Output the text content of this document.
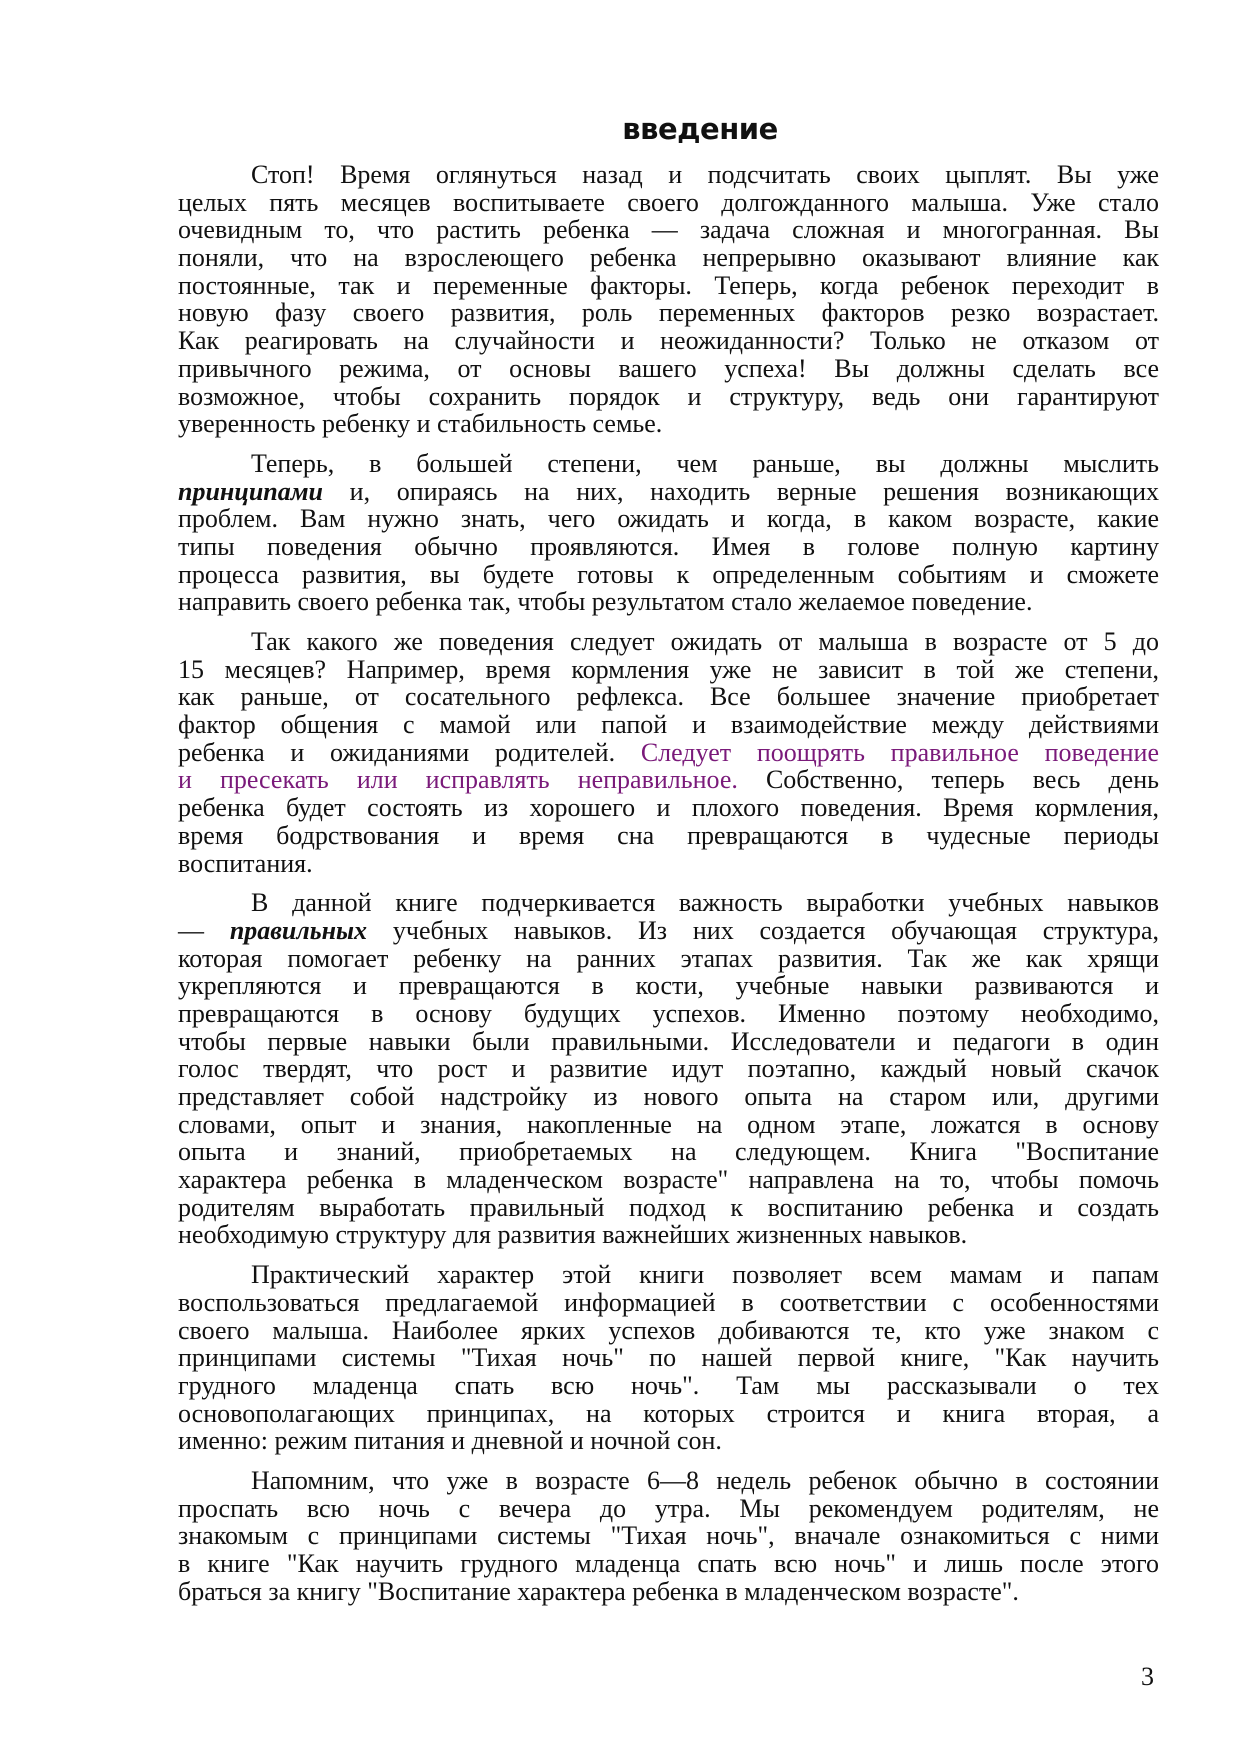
введение
Стоп! Время оглянуться назад и подсчитать своих цыплят. Вы уже
целых пять месяцев воспитываете своего долгожданного малыша. Уже стало
очевидным то, что растить ребенка — задача сложная и многогранная. Вы
поняли, что на взрослеющего ребенка непрерывно оказывают влияние как
постоянные, так и переменные факторы. Теперь, когда ребенок переходит в
новую фазу своего развития, роль переменных факторов резко возрастает.
Как реагировать на случайности и неожиданности? Только не отказом от
привычного режима, от основы вашего успеха! Вы должны сделать все
возможное, чтобы сохранить порядок и структуру, ведь они гарантируют
уверенность ребенку и стабильность семье.
Теперь, в большей степени, чем раньше, вы должны мыслить
принципами и, опираясь на них, находить верные решения возникающих
проблем. Вам нужно знать, чего ожидать и когда, в каком возрасте, какие
типы поведения обычно проявляются. Имея в голове полную картину
процесса развития, вы будете готовы к определенным событиям и сможете
направить своего ребенка так, чтобы результатом стало желаемое поведение.
Так какого же поведения следует ожидать от малыша в возрасте от 5 до
15 месяцев? Например, время кормления уже не зависит в той же степени,
как раньше, от сосательного рефлекса. Все большее значение приобретает
фактор общения с мамой или папой и взаимодействие между действиями
ребенка и ожиданиями родителей. Следует поощрять правильное поведение
и пресекать или исправлять неправильное. Собственно, теперь весь день
ребенка будет состоять из хорошего и плохого поведения. Время кормления,
время бодрствования и время сна превращаются в чудесные периоды
воспитания.
В данной книге подчеркивается важность выработки учебных навыков
— правильных учебных навыков. Из них создается обучающая структура,
которая помогает ребенку на ранних этапах развития. Так же как хрящи
укрепляются и превращаются в кости, учебные навыки развиваются и
превращаются в основу будущих успехов. Именно поэтому необходимо,
чтобы первые навыки были правильными. Исследователи и педагоги в один
голос твердят, что рост и развитие идут поэтапно, каждый новый скачок
представляет собой надстройку из нового опыта на старом или, другими
словами, опыт и знания, накопленные на одном этапе, ложатся в основу
опыта и знаний, приобретаемых на следующем. Книга "Воспитание
характера ребенка в младенческом возрасте" направлена на то, чтобы помочь
родителям выработать правильный подход к воспитанию ребенка и создать
необходимую структуру для развития важнейших жизненных навыков.
Практический характер этой книги позволяет всем мамам и папам
воспользоваться предлагаемой информацией в соответствии с особенностями
своего малыша. Наиболее ярких успехов добиваются те, кто уже знаком с
принципами системы "Тихая ночь" по нашей первой книге, "Как научить
грудного младенца спать всю ночь". Там мы рассказывали о тех
основополагающих принципах, на которых строится и книга вторая, а
именно: режим питания и дневной и ночной сон.
Напомним, что уже в возрасте 6—8 недель ребенок обычно в состоянии
проспать всю ночь с вечера до утра. Мы рекомендуем родителям, не
знакомым с принципами системы "Тихая ночь", вначале ознакомиться с ними
в книге "Как научить грудного младенца спать всю ночь" и лишь после этого
браться за книгу "Воспитание характера ребенка в младенческом возрасте".
3
